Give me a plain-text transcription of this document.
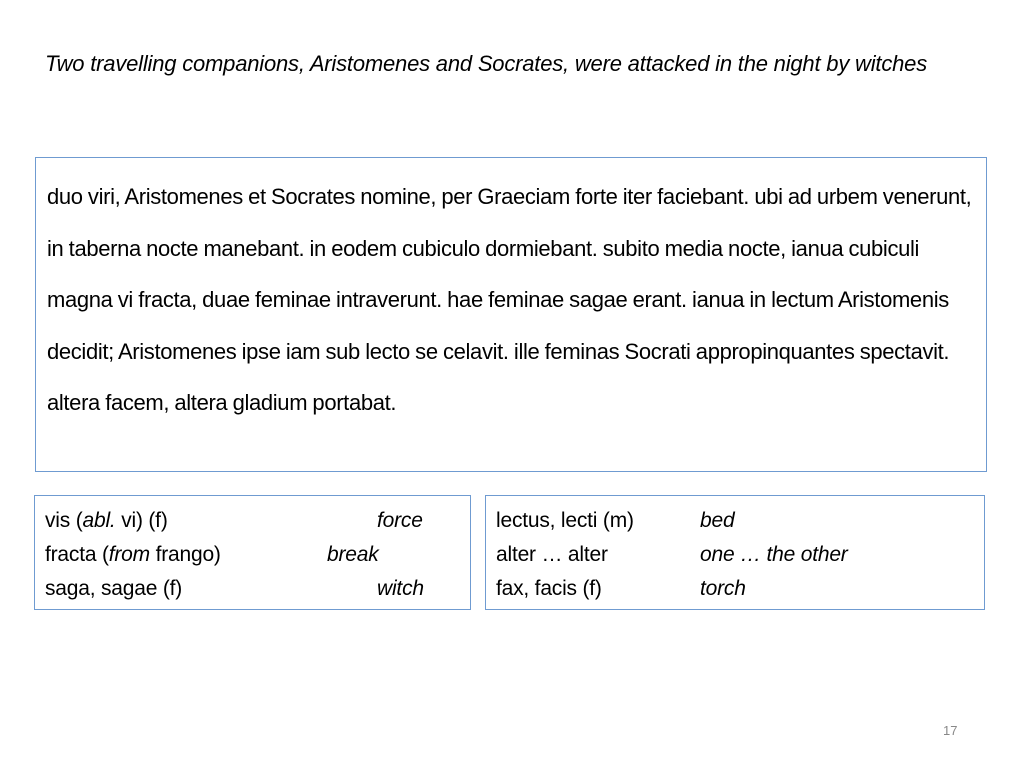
Two travelling companions, Aristomenes and Socrates, were attacked in the night by witches
duo viri, Aristomenes et Socrates nomine, per Graeciam forte iter faciebant. ubi ad urbem venerunt, in taberna nocte manebant. in eodem cubiculo dormiebant. subito media nocte, ianua cubiculi magna vi fracta, duae feminae intraverunt. hae feminae sagae erant. ianua in lectum Aristomenis decidit; Aristomenes ipse iam sub lecto se celavit. ille feminas Socrati appropinquantes spectavit. altera facem, altera gladium portabat.
vis (abl. vi) (f)	force
fracta (from frango)	break
saga, sagae (f)	witch
lectus, lecti (m)	bed
alter … alter	one … the other
fax, facis (f)	torch
17
